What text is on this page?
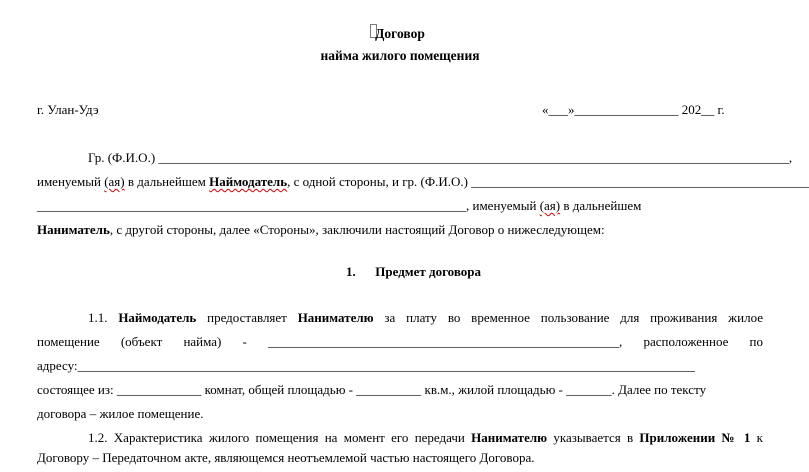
Договор
найма жилого помещения
г. Улан-Удэ	«___»________________ 202__ г.
Гр. (Ф.И.О.) _________________________________________________________________________________________________,
именуемый (ая) в дальнейшем Наймодатель, с одной стороны, и гр. (Ф.И.О.) ____________________________________________________
__________________________________________________________________, именуемый (ая) в дальнейшем
Наниматель, с другой стороны, далее «Стороны», заключили настоящий Договор о нижеследующем:
1.      Предмет договора
1.1. Наймодатель предоставляет Нанимателю за плату во временное пользование для проживания жилое
помещение (объект найма) - ______________________________________________________, расположенное по
адресу:_______________________________________________________________________________________________
состоящее из: _____________ комнат, общей площадью - __________ кв.м., жилой площадью - _______. Далее по тексту
договора – жилое помещение.
1.2. Характеристика жилого помещения на момент его передачи Нанимателю указывается в Приложении № 1 к
Договору – Передаточном акте, являющемся неотъемлемой частью настоящего Договора.
